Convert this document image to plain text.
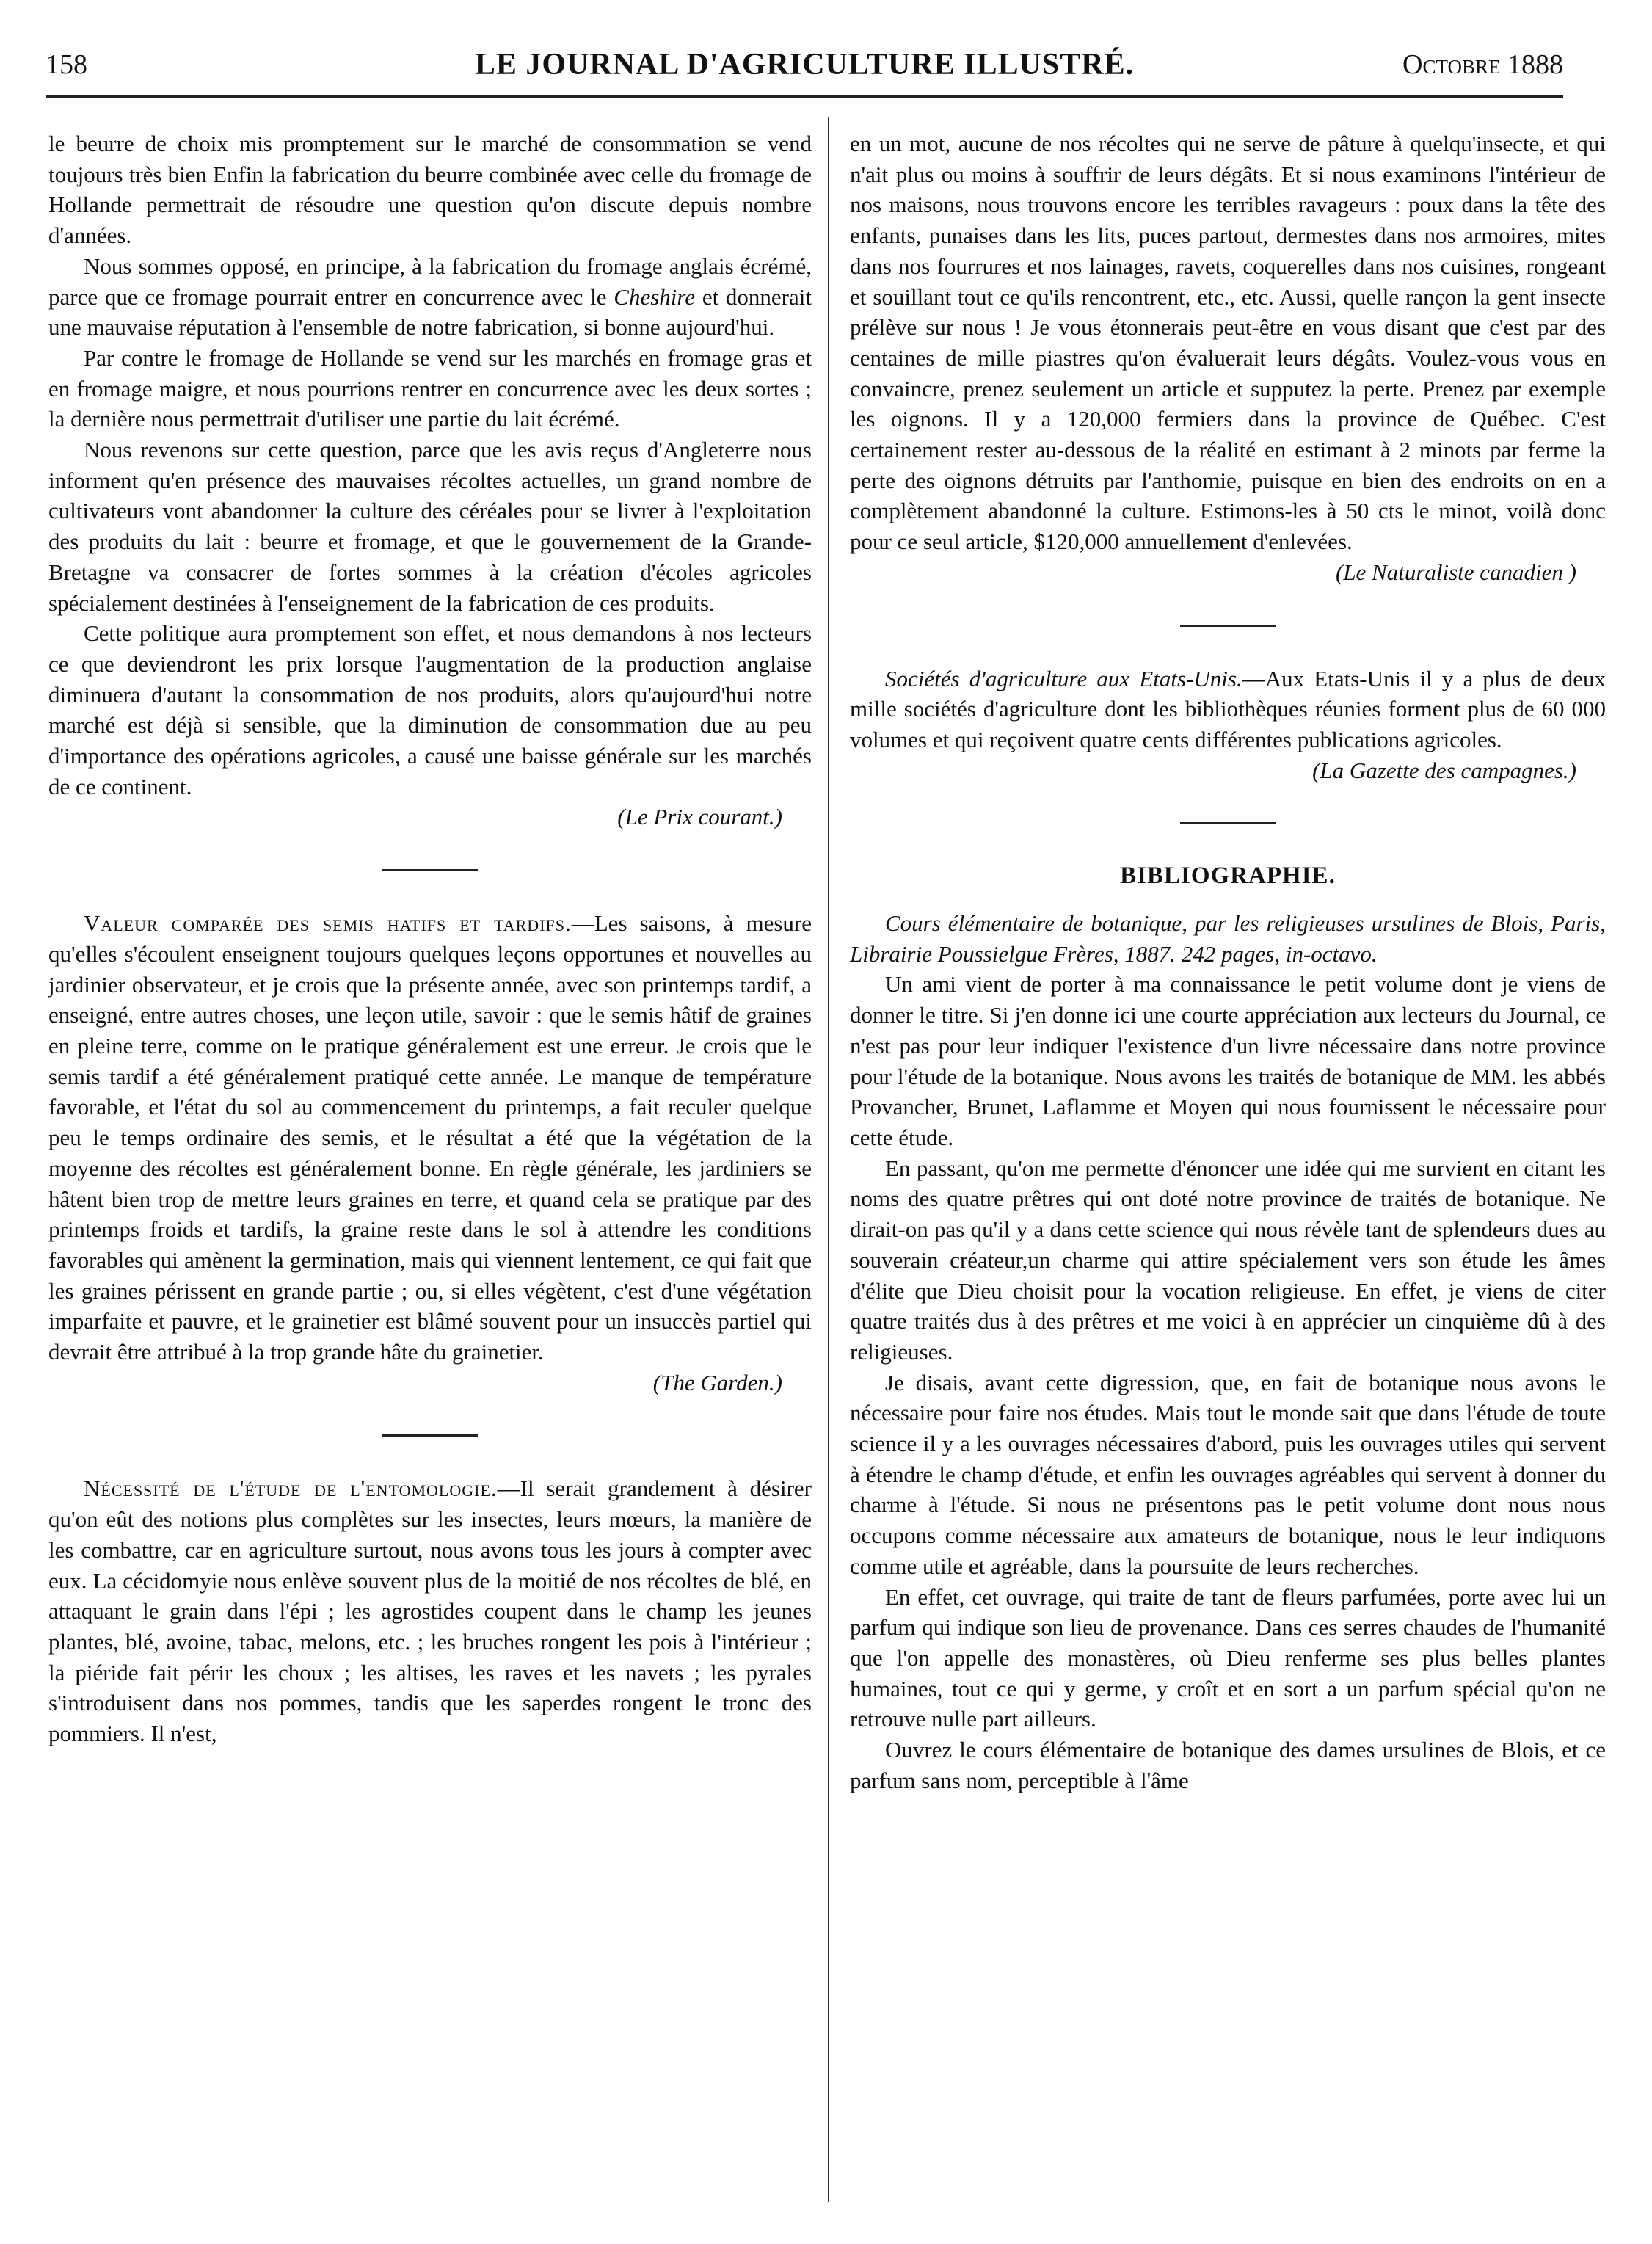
158	LE JOURNAL D'AGRICULTURE ILLUSTRÉ.	Octobre 1888

le beurre de choix mis promptement sur le marché de consommation se vend toujours très bien Enfin la fabrication du beurre combinée avec celle du fromage de Hollande permettrait de résoudre une question qu'on discute depuis nombre d'années.

Nous sommes opposé, en principe, à la fabrication du fromage anglais écrémé, parce que ce fromage pourrait entrer en concurrence avec le Cheshire et donnerait une mauvaise réputation à l'ensemble de notre fabrication, si bonne aujourd'hui.

Par contre le fromage de Hollande se vend sur les marchés en fromage gras et en fromage maigre, et nous pourrions rentrer en concurrence avec les deux sortes ; la dernière nous permettrait d'utiliser une partie du lait écrémé.

Nous revenons sur cette question, parce que les avis reçus d'Angleterre nous informent qu'en présence des mauvaises récoltes actuelles, un grand nombre de cultivateurs vont abandonner la culture des céréales pour se livrer à l'exploitation des produits du lait : beurre et fromage, et que le gouvernement de la Grande-Bretagne va consacrer de fortes sommes à la création d'écoles agricoles spécialement destinées à l'enseignement de la fabrication de ces produits.

Cette politique aura promptement son effet, et nous demandons à nos lecteurs ce que deviendront les prix lorsque l'augmentation de la production anglaise diminuera d'autant la consommation de nos produits, alors qu'aujourd'hui notre marché est déjà si sensible, que la diminution de consommation due au peu d'importance des opérations agricoles, a causé une baisse générale sur les marchés de ce continent.

(Le Prix courant.)

Valeur comparée des semis hatifs et tardifs.—Les saisons, à mesure qu'elles s'écoulent enseignent toujours quelques leçons opportunes et nouvelles au jardinier observateur, et je crois que la présente année, avec son printemps tardif, a enseigné, entre autres choses, une leçon utile, savoir : que le semis hâtif de graines en pleine terre, comme on le pratique généralement est une erreur. Je crois que le semis tardif a été généralement pratiqué cette année. Le manque de température favorable, et l'état du sol au commencement du printemps, a fait reculer quelque peu le temps ordinaire des semis, et le résultat a été que la végétation de la moyenne des récoltes est généralement bonne. En règle générale, les jardiniers se hâtent bien trop de mettre leurs graines en terre, et quand cela se pratique par des printemps froids et tardifs, la graine reste dans le sol à attendre les conditions favorables qui amènent la germination, mais qui viennent lentement, ce qui fait que les graines périssent en grande partie ; ou, si elles végètent, c'est d'une végétation imparfaite et pauvre, et le grainetier est blâmé souvent pour un insuccès partiel qui devrait être attribué à la trop grande hâte du grainetier.

(The Garden.)

Nécessité de l'étude de l'entomologie.—Il serait grandement à désirer qu'on eût des notions plus complètes sur les insectes, leurs mœurs, la manière de les combattre, car en agriculture surtout, nous avons tous les jours à compter avec eux. La cécidomyie nous enlève souvent plus de la moitié de nos récoltes de blé, en attaquant le grain dans l'épi ; les agrostides coupent dans le champ les jeunes plantes, blé, avoine, tabac, melons, etc. ; les bruches rongent les pois à l'intérieur ; la piéride fait périr les choux ; les altises, les raves et les navets ; les pyrales s'introduisent dans nos pommes, tandis que les saperdes rongent le tronc des pommiers. Il n'est,

en un mot, aucune de nos récoltes qui ne serve de pâture à quelqu'insecte, et qui n'ait plus ou moins à souffrir de leurs dégâts. Et si nous examinons l'intérieur de nos maisons, nous trouvons encore les terribles ravageurs : poux dans la tête des enfants, punaises dans les lits, puces partout, dermestes dans nos armoires, mites dans nos fourrures et nos lainages, ravets, coquerelles dans nos cuisines, rongeant et souillant tout ce qu'ils rencontrent, etc., etc. Aussi, quelle rançon la gent insecte prélève sur nous ! Je vous étonnerais peut-être en vous disant que c'est par des centaines de mille piastres qu'on évaluerait leurs dégâts. Voulez-vous vous en convaincre, prenez seulement un article et supputez la perte. Prenez par exemple les oignons. Il y a 120,000 fermiers dans la province de Québec. C'est certainement rester au-dessous de la réalité en estimant à 2 minots par ferme la perte des oignons détruits par l'anthomie, puisque en bien des endroits on en a complètement abandonné la culture. Estimons-les à 50 cts le minot, voilà donc pour ce seul article, $120,000 annuellement d'enlevées.

(Le Naturaliste canadien )

Sociétés d'agriculture aux Etats-Unis.—Aux Etats-Unis il y a plus de deux mille sociétés d'agriculture dont les bibliothèques réunies forment plus de 60 000 volumes et qui reçoivent quatre cents différentes publications agricoles.

(La Gazette des campagnes.)

BIBLIOGRAPHIE.

Cours élémentaire de botanique, par les religieuses ursulines de Blois, Paris, Librairie Poussielgue Frères, 1887. 242 pages, in-octavo.

Un ami vient de porter à ma connaissance le petit volume dont je viens de donner le titre. Si j'en donne ici une courte appréciation aux lecteurs du Journal, ce n'est pas pour leur indiquer l'existence d'un livre nécessaire dans notre province pour l'étude de la botanique. Nous avons les traités de botanique de MM. les abbés Provancher, Brunet, Laflamme et Moyen qui nous fournissent le nécessaire pour cette étude.

En passant, qu'on me permette d'énoncer une idée qui me survient en citant les noms des quatre prêtres qui ont doté notre province de traités de botanique. Ne dirait-on pas qu'il y a dans cette science qui nous révèle tant de splendeurs dues au souverain créateur,un charme qui attire spécialement vers son étude les âmes d'élite que Dieu choisit pour la vocation religieuse. En effet, je viens de citer quatre traités dus à des prêtres et me voici à en apprécier un cinquième dû à des religieuses.

Je disais, avant cette digression, que, en fait de botanique nous avons le nécessaire pour faire nos études. Mais tout le monde sait que dans l'étude de toute science il y a les ouvrages nécessaires d'abord, puis les ouvrages utiles qui servent à étendre le champ d'étude, et enfin les ouvrages agréables qui servent à donner du charme à l'étude. Si nous ne présentons pas le petit volume dont nous nous occupons comme nécessaire aux amateurs de botanique, nous le leur indiquons comme utile et agréable, dans la poursuite de leurs recherches.

En effet, cet ouvrage, qui traite de tant de fleurs parfumées, porte avec lui un parfum qui indique son lieu de provenance. Dans ces serres chaudes de l'humanité que l'on appelle des monastères, où Dieu renferme ses plus belles plantes humaines, tout ce qui y germe, y croît et en sort a un parfum spécial qu'on ne retrouve nulle part ailleurs.

Ouvrez le cours élémentaire de botanique des dames ursulines de Blois, et ce parfum sans nom, perceptible à l'âme
